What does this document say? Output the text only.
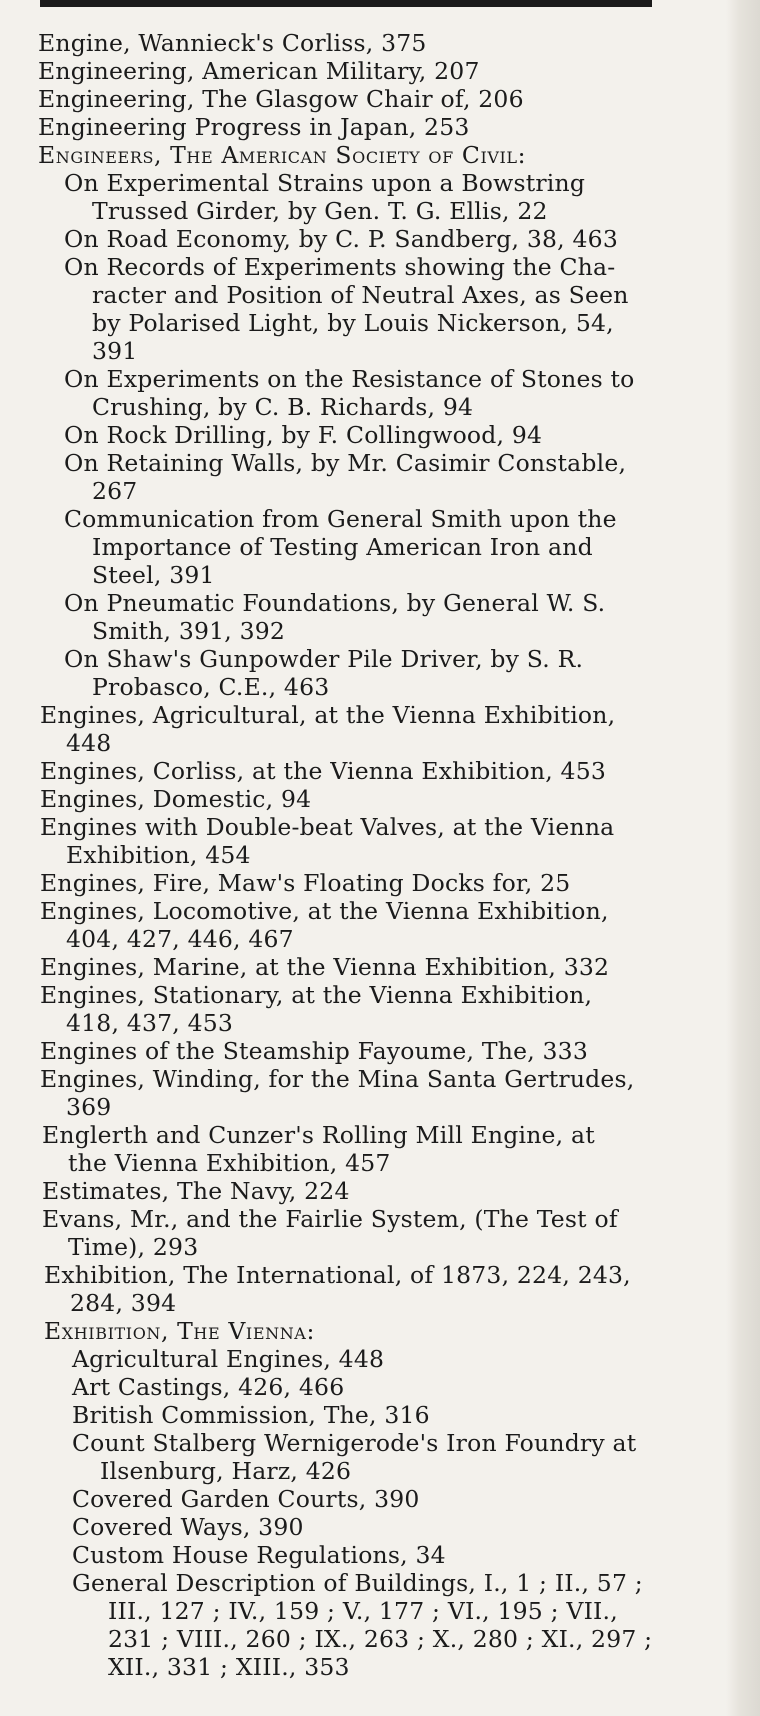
Engine, Wannieck's Corliss, 375
Engineering, American Military, 207
Engineering, The Glasgow Chair of, 206
Engineering Progress in Japan, 253
Engineers, The American Society of Civil:
On Experimental Strains upon a Bowstring
Trussed Girder, by Gen. T. G. Ellis, 22
On Road Economy, by C. P. Sandberg, 38, 463
On Records of Experiments showing the Cha-
racter and Position of Neutral Axes, as Seen
by Polarised Light, by Louis Nickerson, 54,
391
On Experiments on the Resistance of Stones to
Crushing, by C. B. Richards, 94
On Rock Drilling, by F. Collingwood, 94
On Retaining Walls, by Mr. Casimir Constable,
267
Communication from General Smith upon the
Importance of Testing American Iron and
Steel, 391
On Pneumatic Foundations, by General W. S.
Smith, 391, 392
On Shaw's Gunpowder Pile Driver, by S. R.
Probasco, C.E., 463
Engines, Agricultural, at the Vienna Exhibition,
448
Engines, Corliss, at the Vienna Exhibition, 453
Engines, Domestic, 94
Engines with Double-beat Valves, at the Vienna
Exhibition, 454
Engines, Fire, Maw's Floating Docks for, 25
Engines, Locomotive, at the Vienna Exhibition,
404, 427, 446, 467
Engines, Marine, at the Vienna Exhibition, 332
Engines, Stationary, at the Vienna Exhibition,
418, 437, 453
Engines of the Steamship Fayoume, The, 333
Engines, Winding, for the Mina Santa Gertrudes,
369
Englerth and Cunzer's Rolling Mill Engine, at
the Vienna Exhibition, 457
Estimates, The Navy, 224
Evans, Mr., and the Fairlie System, (The Test of
Time), 293
Exhibition, The International, of 1873, 224, 243,
284, 394
Exhibition, The Vienna:
Agricultural Engines, 448
Art Castings, 426, 466
British Commission, The, 316
Count Stalberg Wernigerode's Iron Foundry at
Ilsenburg, Harz, 426
Covered Garden Courts, 390
Covered Ways, 390
Custom House Regulations, 34
General Description of Buildings, I., 1 ; II., 57 ;
III., 127 ; IV., 159 ; V., 177 ; VI., 195 ; VII.,
231 ; VIII., 260 ; IX., 263 ; X., 280 ; XI., 297 ;
XII., 331 ; XIII., 353
